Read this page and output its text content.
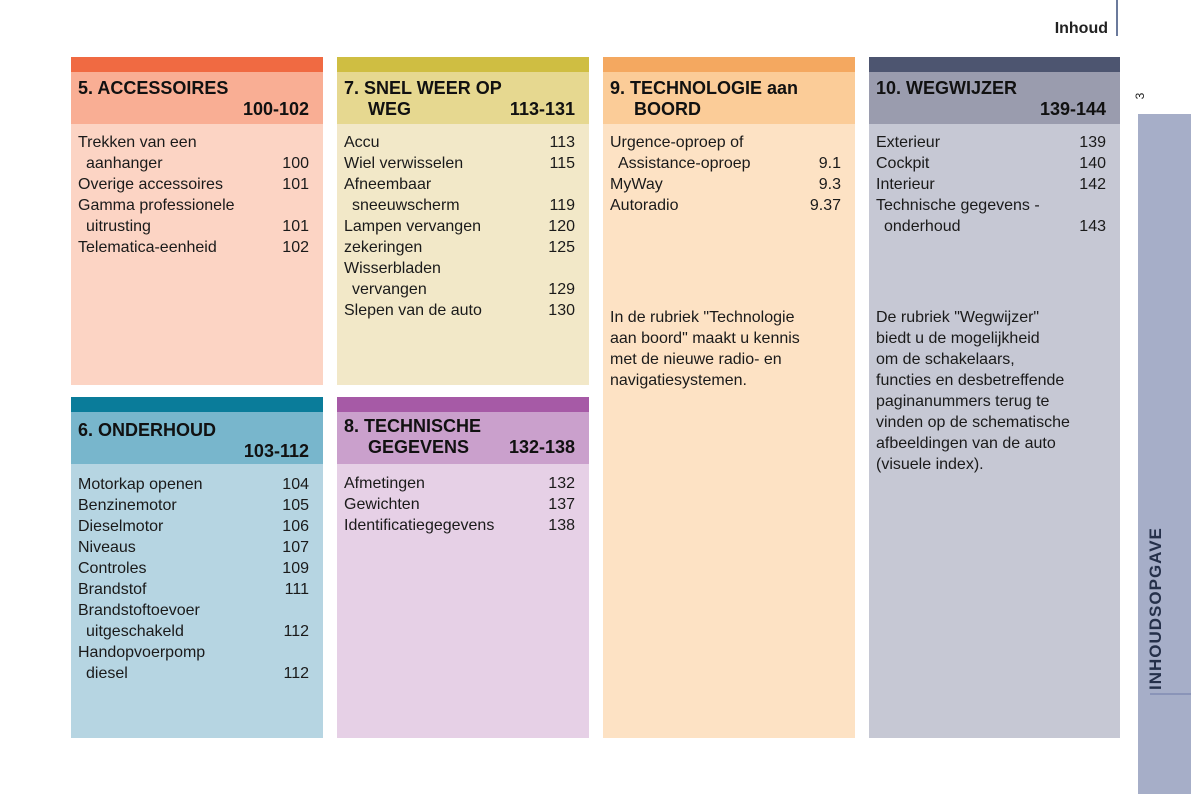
Inhoud
3
INHOUDSOPGAVE
5. ACCESSOIRES
100-102
Trekken van een
aanhanger	100
Overige accessoires	101
Gamma professionele
uitrusting	101
Telematica-eenheid	102
7. SNEL WEER OP
WEG	113-131
Accu	113
Wiel verwisselen	115
Afneembaar
sneeuwscherm	119
Lampen vervangen	120
zekeringen	125
Wisserbladen
vervangen	129
Slepen van de auto	130
9. TECHNOLOGIE aan
BOORD
Urgence-oproep of
Assistance-oproep	9.1
MyWay	9.3
Autoradio	9.37
In de rubriek "Technologie
aan boord" maakt u kennis
met de nieuwe radio- en
navigatiesystemen.
10. WEGWIJZER
139-144
Exterieur	139
Cockpit	140
Interieur	142
Technische gegevens -
onderhoud	143
De rubriek "Wegwijzer"
biedt u de mogelijkheid
om de schakelaars,
functies en desbetreffende
paginanummers terug te
vinden op de schematische
afbeeldingen van de auto
(visuele index).
6. ONDERHOUD
103-112
Motorkap openen	104
Benzinemotor	105
Dieselmotor	106
Niveaus	107
Controles	109
Brandstof	111
Brandstoftoevoer
uitgeschakeld	112
Handopvoerpomp
diesel	112
8. TECHNISCHE
GEGEVENS 132-138
Afmetingen	132
Gewichten	137
Identificatiegegevens	138
